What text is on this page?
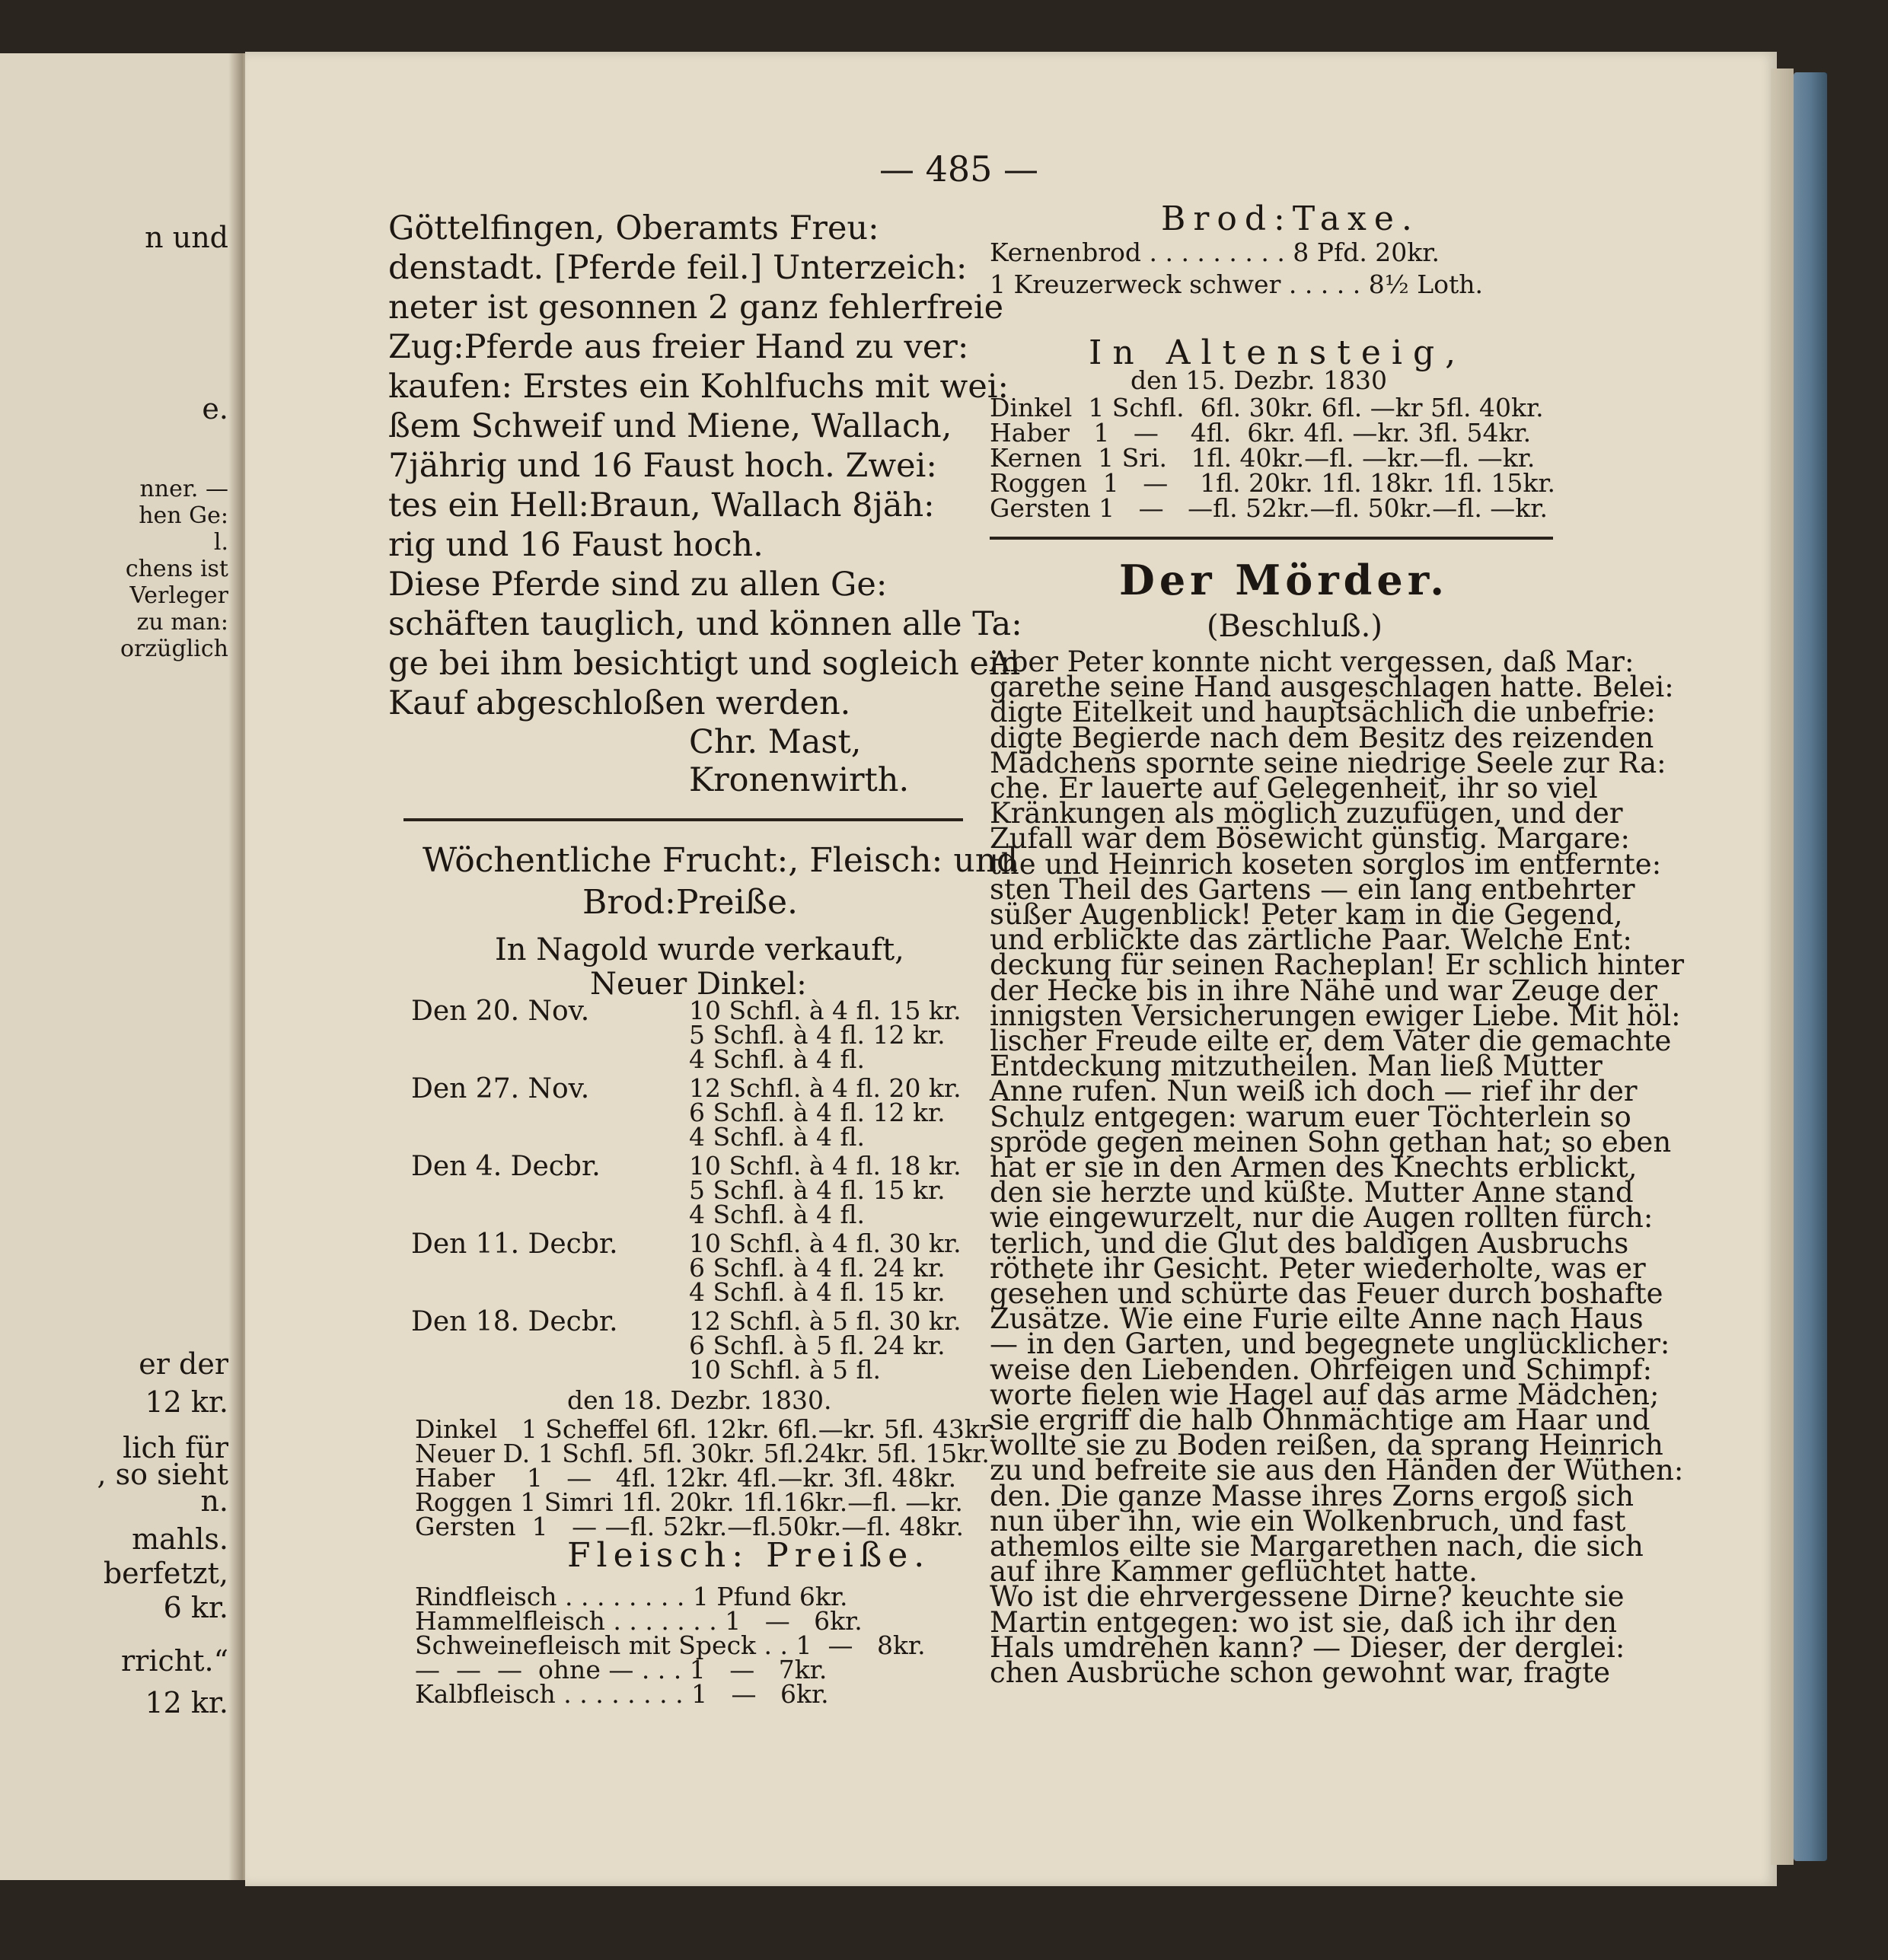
n und
e.
nner. —
hen Ge:
l.
chens ist
Verleger
zu man:
orzüglich
er der
12 kr.
lich für
, so sieht
n.
mahls.
berfetzt,
6 kr.
rricht.“
12 kr.
— 485 —
Göttelfingen, Oberamts Freu:
denstadt. [Pferde feil.] Unterzeich:
neter ist gesonnen 2 ganz fehlerfreie
Zug:Pferde aus freier Hand zu ver:
kaufen: Erstes ein Kohlfuchs mit wei:
ßem Schweif und Miene, Wallach,
7jährig und 16 Faust hoch. Zwei:
tes ein Hell:Braun, Wallach 8jäh:
rig und 16 Faust hoch.
Diese Pferde sind zu allen Ge:
schäften tauglich, und können alle Ta:
ge bei ihm besichtigt und sogleich ein
Kauf abgeschloßen werden.
Chr. Mast,
Kronenwirth.
Wöchentliche Frucht:, Fleisch: und
Brod:Preiße.
In Nagold wurde verkauft,
Neuer Dinkel:
Den 20. Nov.	10 Schfl. à 4 fl. 15 kr.
5 Schfl. à 4 fl. 12 kr.
4 Schfl. à 4 fl.
Den 27. Nov.	12 Schfl. à 4 fl. 20 kr.
6 Schfl. à 4 fl. 12 kr.
4 Schfl. à 4 fl.
Den 4. Decbr.	10 Schfl. à 4 fl. 18 kr.
5 Schfl. à 4 fl. 15 kr.
4 Schfl. à 4 fl.
Den 11. Decbr.	10 Schfl. à 4 fl. 30 kr.
6 Schfl. à 4 fl. 24 kr.
4 Schfl. à 4 fl. 15 kr.
Den 18. Decbr.	12 Schfl. à 5 fl. 30 kr.
6 Schfl. à 5 fl. 24 kr.
10 Schfl. à 5 fl.
den 18. Dezbr. 1830.
Dinkel   1 Scheffel 6fl. 12kr. 6fl.—kr. 5fl. 43kr.
Neuer D. 1 Schfl. 5fl. 30kr. 5fl.24kr. 5fl. 15kr.
Haber    1   —   4fl. 12kr. 4fl.—kr. 3fl. 48kr.
Roggen 1 Simri 1fl. 20kr. 1fl.16kr.—fl. —kr.
Gersten  1   — —fl. 52kr.—fl.50kr.—fl. 48kr.
Fleisch: Preiße.
Rindfleisch . . . . . . . . 1 Pfund 6kr.
Hammelfleisch . . . . . . . 1   —   6kr.
Schweinefleisch mit Speck . . 1  —   8kr.
—  —  —  ohne — . . . 1   —   7kr.
Kalbfleisch . . . . . . . . 1   —   6kr.
Brod:Taxe.
Kernenbrod . . . . . . . . . 8 Pfd. 20kr.
1 Kreuzerweck schwer . . . . . 8½ Loth.
In Altensteig,
den 15. Dezbr. 1830
Dinkel  1 Schfl.  6fl. 30kr. 6fl. —kr 5fl. 40kr.
Haber   1   —    4fl.  6kr. 4fl. —kr. 3fl. 54kr.
Kernen  1 Sri.   1fl. 40kr.—fl. —kr.—fl. —kr.
Roggen  1   —    1fl. 20kr. 1fl. 18kr. 1fl. 15kr.
Gersten 1   —   —fl. 52kr.—fl. 50kr.—fl. —kr.
Der Mörder.
(Beschluß.)
Aber Peter konnte nicht vergessen, daß Mar:
garethe seine Hand ausgeschlagen hatte. Belei:
digte Eitelkeit und hauptsächlich die unbefrie:
digte Begierde nach dem Besitz des reizenden
Mädchens spornte seine niedrige Seele zur Ra:
che. Er lauerte auf Gelegenheit, ihr so viel
Kränkungen als möglich zuzufügen, und der
Zufall war dem Bösewicht günstig. Margare:
the und Heinrich koseten sorglos im entfernte:
sten Theil des Gartens — ein lang entbehrter
süßer Augenblick! Peter kam in die Gegend,
und erblickte das zärtliche Paar. Welche Ent:
deckung für seinen Racheplan! Er schlich hinter
der Hecke bis in ihre Nähe und war Zeuge der
innigsten Versicherungen ewiger Liebe. Mit höl:
lischer Freude eilte er, dem Vater die gemachte
Entdeckung mitzutheilen. Man ließ Mutter
Anne rufen. Nun weiß ich doch — rief ihr der
Schulz entgegen: warum euer Töchterlein so
spröde gegen meinen Sohn gethan hat; so eben
hat er sie in den Armen des Knechts erblickt,
den sie herzte und küßte. Mutter Anne stand
wie eingewurzelt, nur die Augen rollten fürch:
terlich, und die Glut des baldigen Ausbruchs
röthete ihr Gesicht. Peter wiederholte, was er
gesehen und schürte das Feuer durch boshafte
Zusätze. Wie eine Furie eilte Anne nach Haus
— in den Garten, und begegnete unglücklicher:
weise den Liebenden. Ohrfeigen und Schimpf:
worte fielen wie Hagel auf das arme Mädchen;
sie ergriff die halb Ohnmächtige am Haar und
wollte sie zu Boden reißen, da sprang Heinrich
zu und befreite sie aus den Händen der Wüthen:
den. Die ganze Masse ihres Zorns ergoß sich
nun über ihn, wie ein Wolkenbruch, und fast
athemlos eilte sie Margarethen nach, die sich
auf ihre Kammer geflüchtet hatte.
Wo ist die ehrvergessene Dirne? keuchte sie
Martin entgegen: wo ist sie, daß ich ihr den
Hals umdrehen kann? — Dieser, der derglei:
chen Ausbrüche schon gewohnt war, fragte
